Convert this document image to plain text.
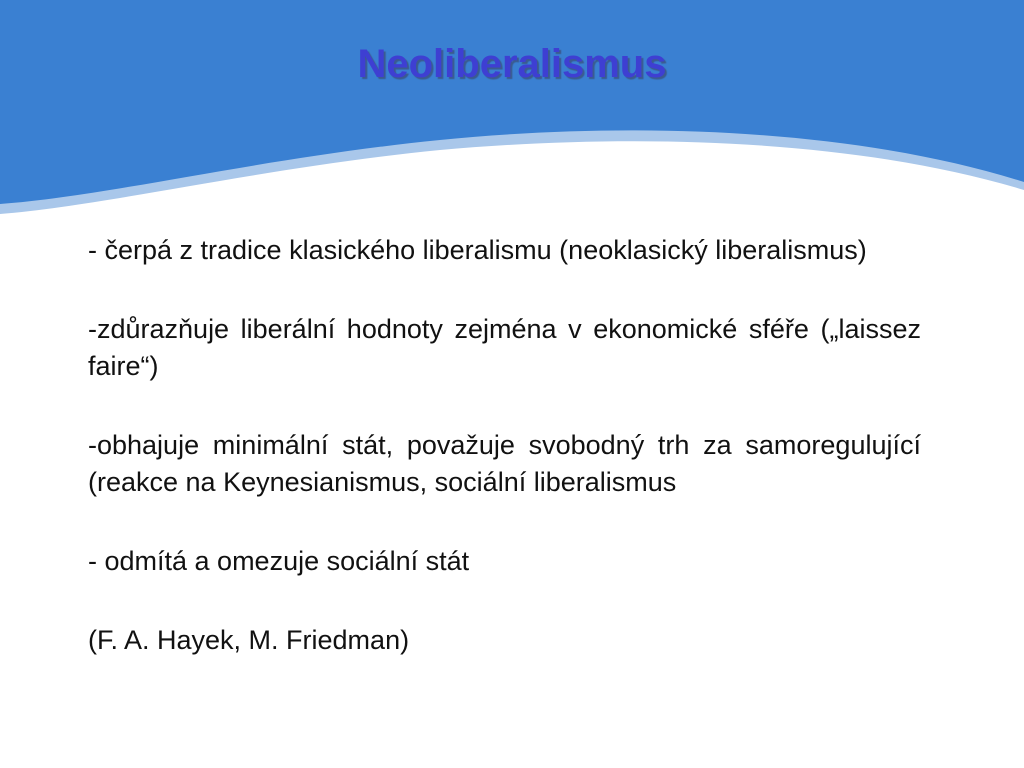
Neoliberalismus

- čerpá z tradice klasického liberalismu (neoklasický liberalismus)

-zdůrazňuje liberální hodnoty zejména v ekonomické sféře („laissez faire“)

-obhajuje minimální stát, považuje svobodný trh za samoregulující (reakce na Keynesianismus, sociální liberalismus

- odmítá a omezuje sociální stát

(F. A. Hayek, M. Friedman)
